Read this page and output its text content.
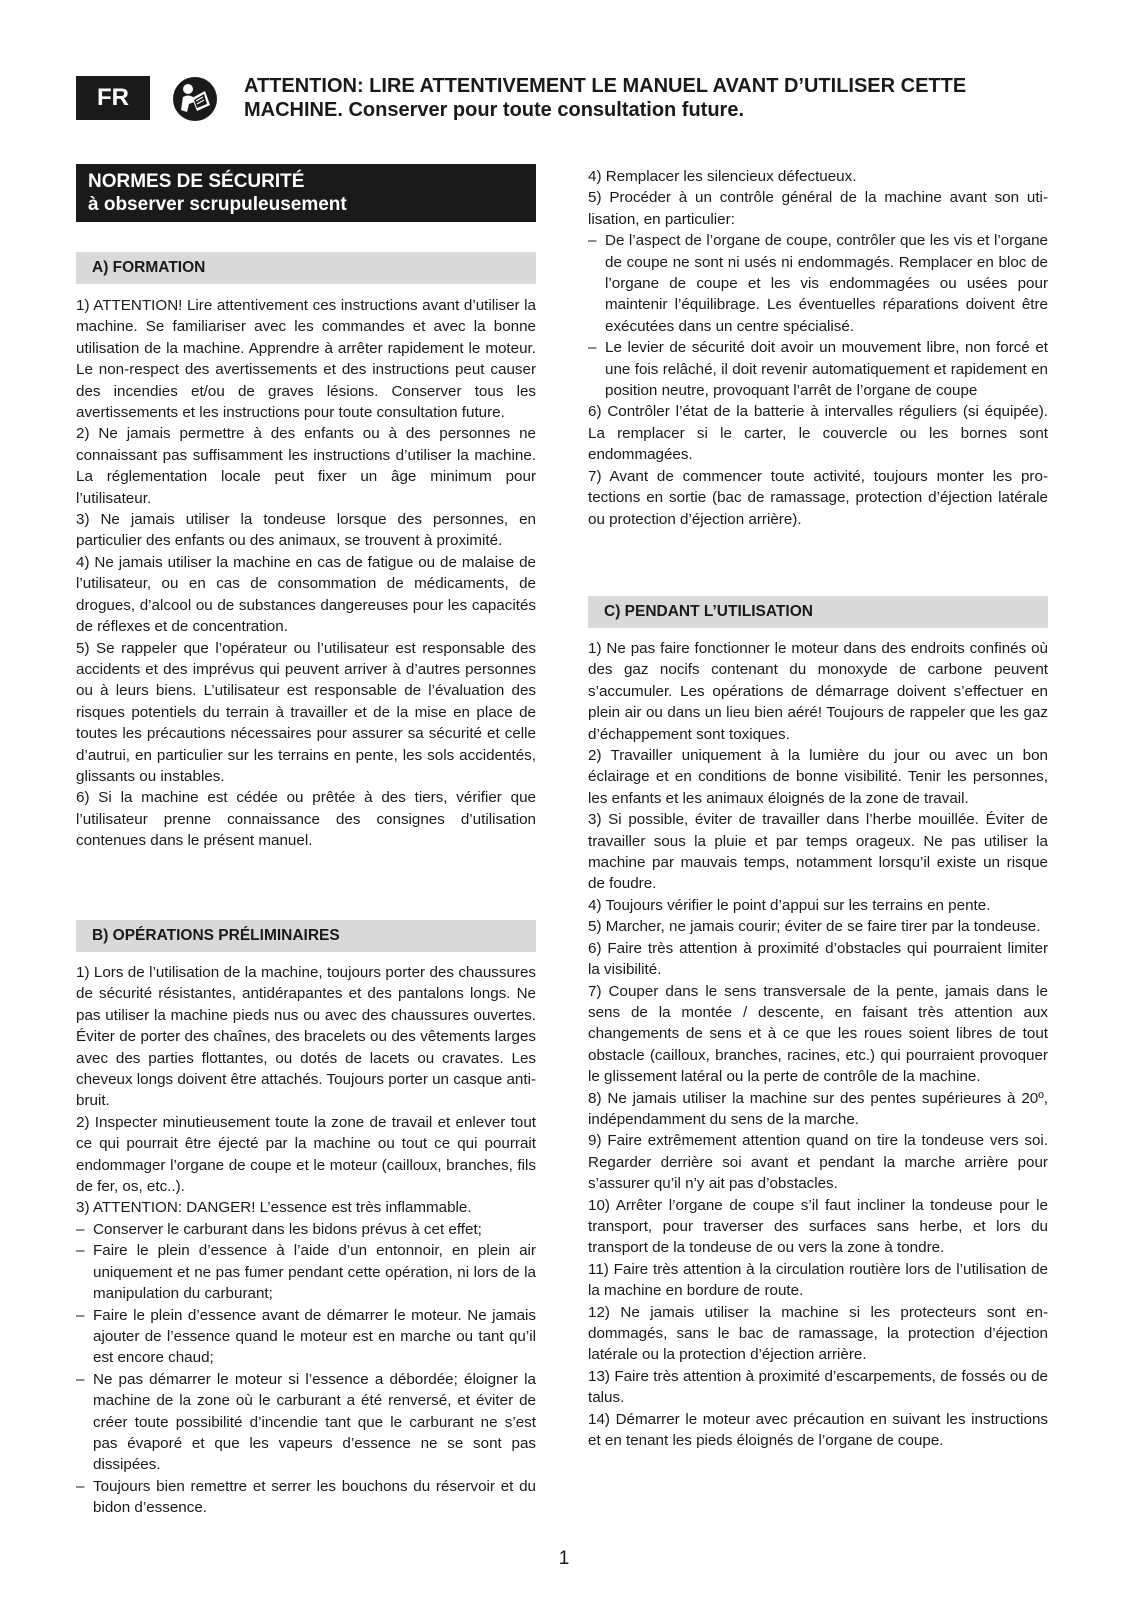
FR	ATTENTION: LIRE ATTENTIVEMENT LE MANUEL AVANT D’UTILISER CETTE
MACHINE. Conserver pour toute consultation future.
NORMES DE SÉCURITÉ
à observer scrupuleusement
A) FORMATION

1) ATTENTION! Lire attentivement ces instructions avant d’utiliser la machine. Se familiariser avec les commandes et avec la bonne utilisation de la machine. Apprendre à arrêter rapidement le moteur. Le non-respect des avertissements et des instructions peut causer des incendies et/ou de graves lésions. Conserver tous les avertissements et les instructions pour toute consultation future.

2) Ne jamais permettre à des enfants ou à des personnes ne connaissant pas suffisamment les instructions d’utiliser la machine. La réglementation locale peut fixer un âge minimum pour l’utilisateur.

3) Ne jamais utiliser la tondeuse lorsque des personnes, en particulier des enfants ou des animaux, se trouvent à proximité.

4) Ne jamais utiliser la machine en cas de fatigue ou de malaise de l’utilisateur, ou en cas de consommation de médicaments, de drogues, d’alcool ou de substances dangereuses pour les capacités de réflexes et de concentration.

5) Se rappeler que l’opérateur ou l’utilisateur est responsable des accidents et des imprévus qui peuvent arriver à d’autres personnes ou à leurs biens. L’utilisateur est responsable de l’évaluation des risques potentiels du terrain à travailler et de la mise en place de toutes les précautions nécessaires pour assurer sa sécurité et celle d’autrui, en particulier sur les terrains en pente, les sols accidentés, glissants ou instables.

6) Si la machine est cédée ou prêtée à des tiers, vérifier que l’utilisateur prenne connaissance des consignes d’utilisation contenues dans le présent manuel.

B) OPÉRATIONS PRÉLIMINAIRES

1) Lors de l’utilisation de la machine, toujours porter des chaussures de sécurité résistantes, antidérapantes et des pantalons longs. Ne pas utiliser la machine pieds nus ou avec des chaussures ouvertes. Éviter de porter des chaînes, des bracelets ou des vêtements larges avec des parties flottantes, ou dotés de lacets ou cravates. Les cheveux longs doivent être attachés. Toujours porter un casque anti-bruit.

2) Inspecter minutieusement toute la zone de travail et enlever tout ce qui pourrait être éjecté par la machine ou tout ce qui pourrait endommager l’organe de coupe et le moteur (cailloux, branches, fils de fer, os, etc..).

3) ATTENTION: DANGER! L’essence est très inflammable.

– Conserver le carburant dans les bidons prévus à cet effet;

– Faire le plein d’essence à l’aide d’un entonnoir, en plein air uniquement et ne pas fumer pendant cette opération, ni lors de la manipulation du carburant;

– Faire le plein d’essence avant de démarrer le moteur. Ne jamais ajouter de l’essence quand le moteur est en marche ou tant qu’il est encore chaud;

– Ne pas démarrer le moteur si l’essence a débordée; éloigner la machine de la zone où le carburant a été renversé, et éviter de créer toute possibilité d’incendie tant que le carburant ne s’est pas évaporé et que les vapeurs d’essence ne se sont pas dissipées.

– Toujours bien remettre et serrer les bouchons du réservoir et du bidon d’essence.

4) Remplacer les silencieux défectueux.

5) Procéder à un contrôle général de la machine avant son utilisation, en particulier:

– De l’aspect de l’organe de coupe, contrôler que les vis et l’organe de coupe ne sont ni usés ni endommagés. Remplacer en bloc de l’organe de coupe et les vis endommagées ou usées pour maintenir l’équilibrage. Les éventuelles réparations doivent être exécutées dans un centre spécialisé.

– Le levier de sécurité doit avoir un mouvement libre, non forcé et une fois relâché, il doit revenir automatiquement et rapidement en position neutre, provoquant l’arrêt de l’organe de coupe

6) Contrôler l’état de la batterie à intervalles réguliers (si équipée). La remplacer si le carter, le couvercle ou les bornes sont endommagées.

7) Avant de commencer toute activité, toujours monter les protections en sortie (bac de ramassage, protection d’éjection latérale ou protection d’éjection arrière).

C) PENDANT L’UTILISATION

1) Ne pas faire fonctionner le moteur dans des endroits confinés où des gaz nocifs contenant du monoxyde de carbone peuvent s’accumuler. Les opérations de démarrage doivent s’effectuer en plein air ou dans un lieu bien aéré! Toujours de rappeler que les gaz d’échappement sont toxiques.

2) Travailler uniquement à la lumière du jour ou avec un bon éclairage et en conditions de bonne visibilité. Tenir les personnes, les enfants et les animaux éloignés de la zone de travail.

3) Si possible, éviter de travailler dans l’herbe mouillée. Éviter de travailler sous la pluie et par temps orageux. Ne pas utiliser la machine par mauvais temps, notamment lorsqu’il existe un risque de foudre.

4) Toujours vérifier le point d’appui sur les terrains en pente.

5) Marcher, ne jamais courir; éviter de se faire tirer par la tondeuse.

6) Faire très attention à proximité d’obstacles qui pourraient limiter la visibilité.

7) Couper dans le sens transversale de la pente, jamais dans le sens de la montée / descente, en faisant très attention aux changements de sens et à ce que les roues soient libres de tout obstacle (cailloux, branches, racines, etc.) qui pourraient provoquer le glissement latéral ou la perte de contrôle de la machine.

8) Ne jamais utiliser la machine sur des pentes supérieures à 20º, indépendamment du sens de la marche.

9) Faire extrêmement attention quand on tire la tondeuse vers soi. Regarder derrière soi avant et pendant la marche arrière pour s’assurer qu’il n’y ait pas d’obstacles.

10) Arrêter l’organe de coupe s’il faut incliner la tondeuse pour le transport, pour traverser des surfaces sans herbe, et lors du transport de la tondeuse de ou vers la zone à tondre.

11) Faire très attention à la circulation routière lors de l’utilisation de la machine en bordure de route.

12) Ne jamais utiliser la machine si les protecteurs sont endommagés, sans le bac de ramassage, la protection d’éjection latérale ou la protection d’éjection arrière.

13) Faire très attention à proximité d’escarpements, de fossés ou de talus.

14) Démarrer le moteur avec précaution en suivant les instructions et en tenant les pieds éloignés de l’organe de coupe.

1
